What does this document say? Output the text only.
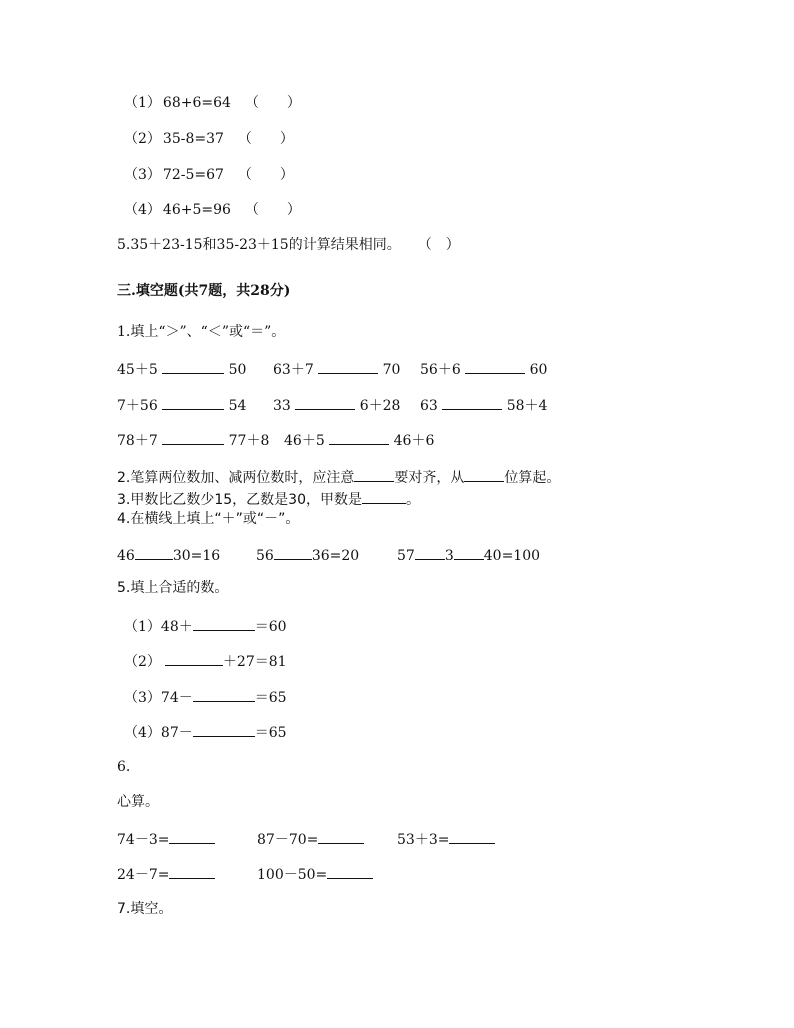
（1） 68+6=64 （　　）
（2） 35-8=37 （　　）
（3） 72-5=67 （　　）
（4） 46+5=96 （　　）
5.35＋23-15和35-23＋15的计算结果相同。 （　）
三.填空题(共7题，共28分)
1.填上“＞”、“＜”或“＝”。
45＋5	50 63＋7	70 56＋6	60
7＋56	54 33	6＋28 63	58＋4
78＋7	77＋8 46＋5	46＋6
2.笔算两位数加、减两位数时，应注意	要对齐，从	位算起。
3.甲数比乙数少15，乙数是30，甲数是	。
4.在横线上填上“＋”或“－”。
46	30=16	56	36=20	57 3 40=100
5.填上合适的数。
（1）48＋	＝60
（2）	＋27＝81
（3）74－	＝65
（4）87－	＝65
6.
心算。
74－3=	87－70=	53＋3=
24－7=	100－50=
7.填空。
